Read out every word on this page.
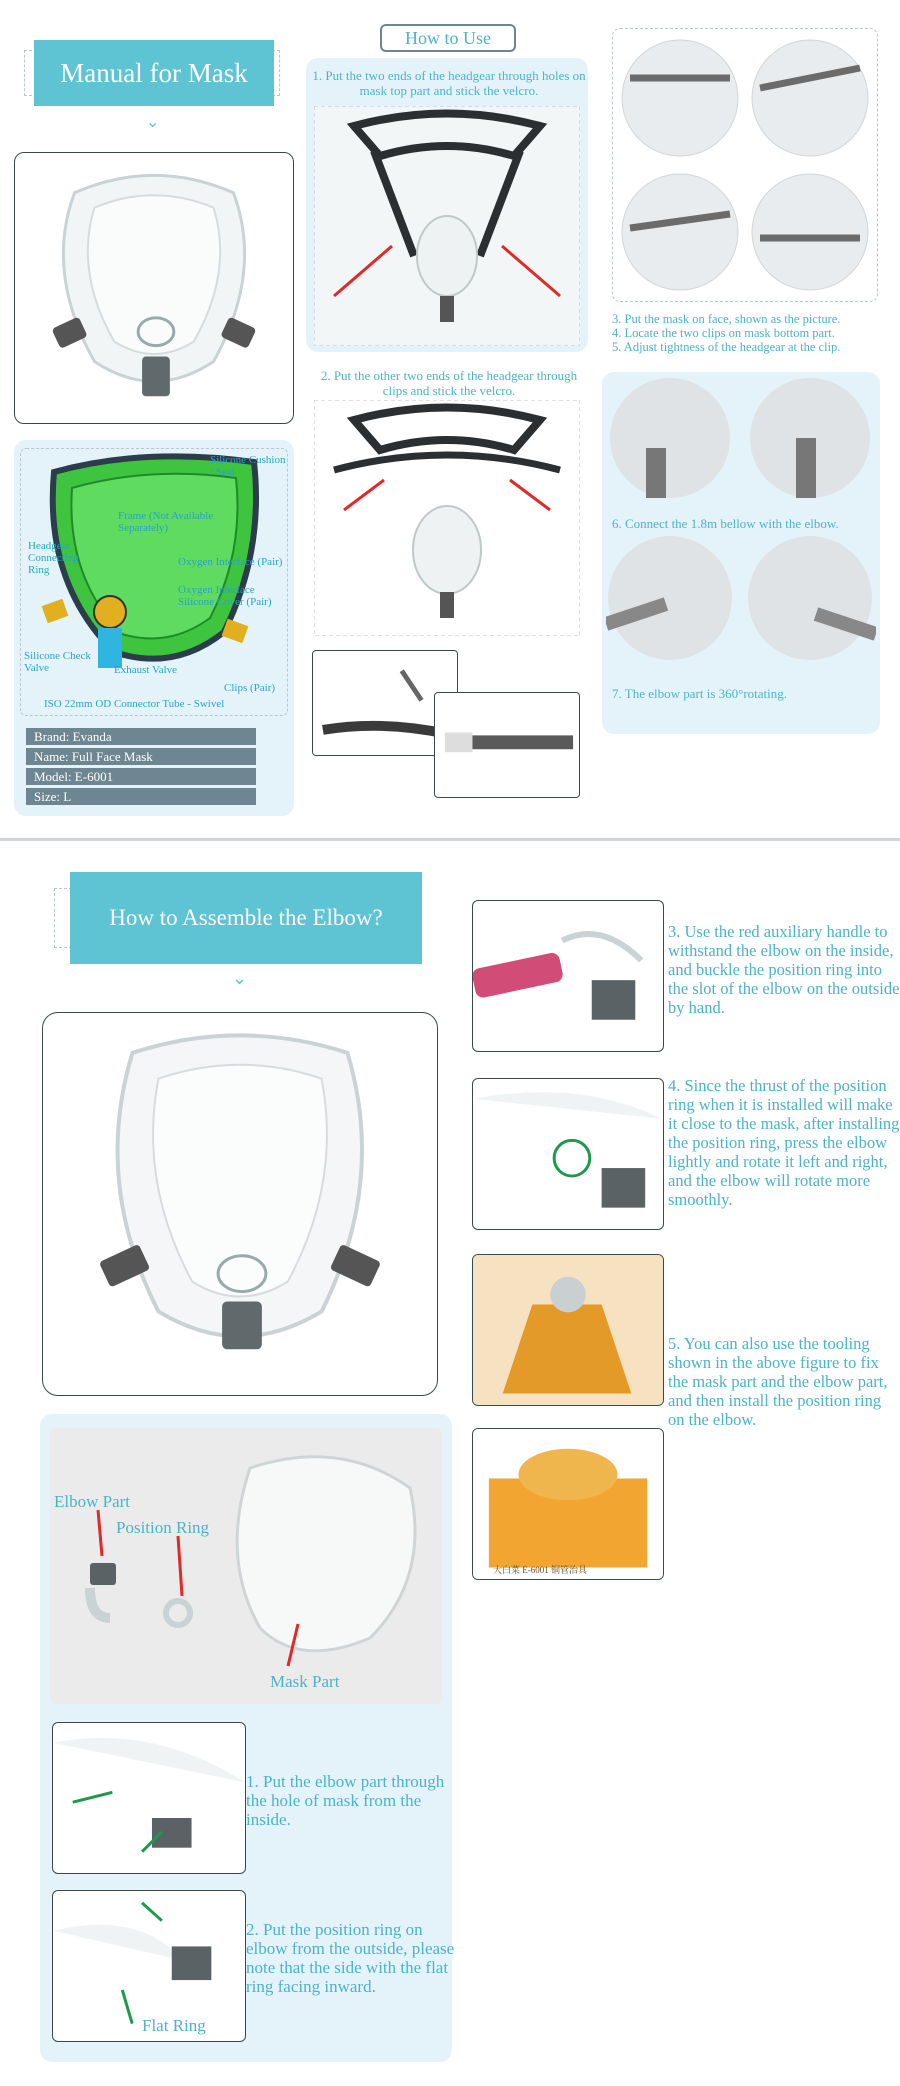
Manual for Mask
⌄
Silicone Cushion / Seal
Frame (Not Available Separately)
Headgear Connecting Ring
Oxygen Interface (Pair)
Oxygen Interface Silicone Cover (Pair)
Silicone Check Valve	Exhaust Valve
Clips (Pair)
ISO 22mm OD Connector Tube - Swivel
Brand: Evanda
Name: Full Face Mask
Model: E-6001
Size: L
How to Use
1. Put the two ends of the headgear through holes on mask top part and stick the velcro.
2. Put the other two ends of the headgear through clips and stick the velcro.
3. Put the mask on face, shown as the picture.
4. Locate the two clips on mask bottom part.
5. Adjust tightness of the headgear at the clip.
6. Connect the 1.8m bellow with the elbow.
7. The elbow part is 360°rotating.
How to Assemble the Elbow?
⌄
Elbow Part
Position Ring
Mask Part
1. Put the elbow part through the hole of mask from the inside.
Flat Ring
2. Put the position ring on elbow from the outside, please note that the side with the flat ring facing inward.
3. Use the red auxiliary handle to withstand the elbow on the inside, and buckle the position ring into the slot of the elbow on the outside by hand.
4. Since the thrust of the position ring when it is installed will make it close to the mask, after installing the position ring, press the elbow lightly and rotate it left and right, and the elbow will rotate more smoothly.
大白菜 E-6001 铜管治具
5. You can also use the tooling shown in the above figure to fix the mask part and the elbow part, and then install the position ring on the elbow.
